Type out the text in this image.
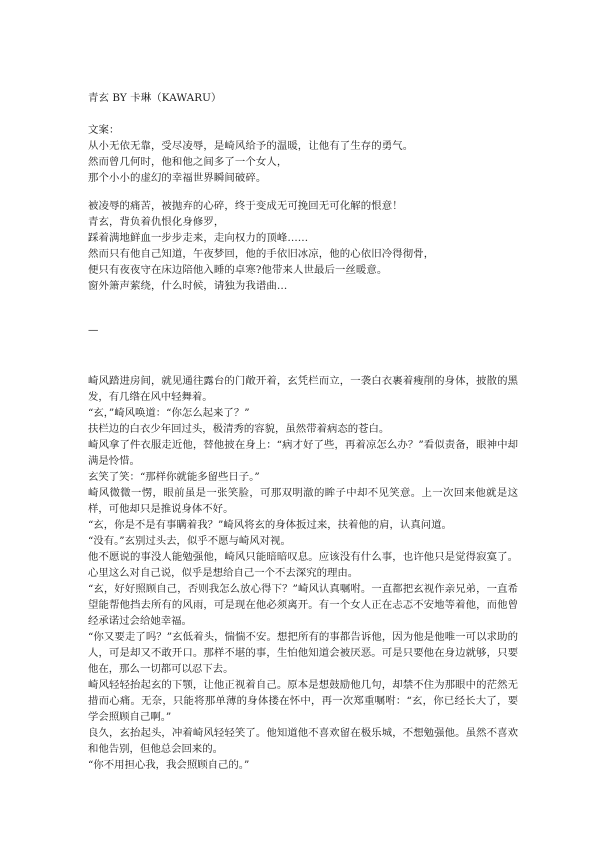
青玄 BY 卡琳（KAWARU）
文案：
从小无依无靠，受尽凌辱，是崎风给予的温暖，让他有了生存的勇气。
然而曾几何时，他和他之间多了一个女人，
那个小小的虚幻的幸福世界瞬间破碎。
被凌辱的痛苦，被抛弃的心碎，终于变成无可挽回无可化解的恨意！
青玄，背负着仇恨化身修罗，
踩着满地鲜血一步步走来，走向权力的顶峰……
然而只有他自己知道，午夜梦回，他的手依旧冰凉，他的心依旧冷得彻骨，
便只有夜夜守在床边陪他入睡的卓寒?他带来人世最后一丝暖意。
窗外箫声萦绕，什么时候，请独为我谱曲…
—
崎风踏进房间，就见通往露台的门敞开着，玄凭栏而立，一袭白衣裹着瘦削的身体，披散的黑发，有几绺在风中轻舞着。
“玄，”崎风唤道：“你怎么起来了？”
扶栏边的白衣少年回过头，极清秀的容貌，虽然带着病态的苍白。
崎风拿了件衣服走近他，替他披在身上：“病才好了些，再着凉怎么办？”看似责备，眼神中却满是怜惜。
玄笑了笑：“那样你就能多留些日子。”
崎风微微一愣，眼前虽是一张笑脸，可那双明澈的眸子中却不见笑意。上一次回来他就是这样，可他却只是推说身体不好。
“玄，你是不是有事瞒着我？”崎风将玄的身体扳过来，扶着他的肩，认真问道。
“没有。”玄别过头去，似乎不愿与崎风对视。
他不愿说的事没人能勉强他，崎风只能暗暗叹息。应该没有什么事，也许他只是觉得寂寞了。心里这么对自己说，似乎是想给自己一个不去深究的理由。
“玄，好好照顾自己，否则我怎么放心得下？”崎风认真嘱咐。一直都把玄视作亲兄弟，一直希望能帮他挡去所有的风雨，可是现在他必须离开。有一个女人正在忐忑不安地等着他，而他曾经承诺过会给她幸福。
“你又要走了吗？”玄低着头，惴惴不安。想把所有的事都告诉他，因为他是他唯一可以求助的人，可是却又不敢开口。那样不堪的事，生怕他知道会被厌恶。可是只要他在身边就够，只要他在，那么一切都可以忍下去。
崎风轻轻抬起玄的下颚，让他正视着自己。原本是想鼓励他几句，却禁不住为那眼中的茫然无措而心痛。无奈，只能将那单薄的身体搂在怀中，再一次郑重嘱咐：“玄，你已经长大了，要学会照顾自己啊。”
良久，玄抬起头，冲着崎风轻轻笑了。他知道他不喜欢留在极乐城，不想勉强他。虽然不喜欢和他告别，但他总会回来的。
“你不用担心我，我会照顾自己的。”
